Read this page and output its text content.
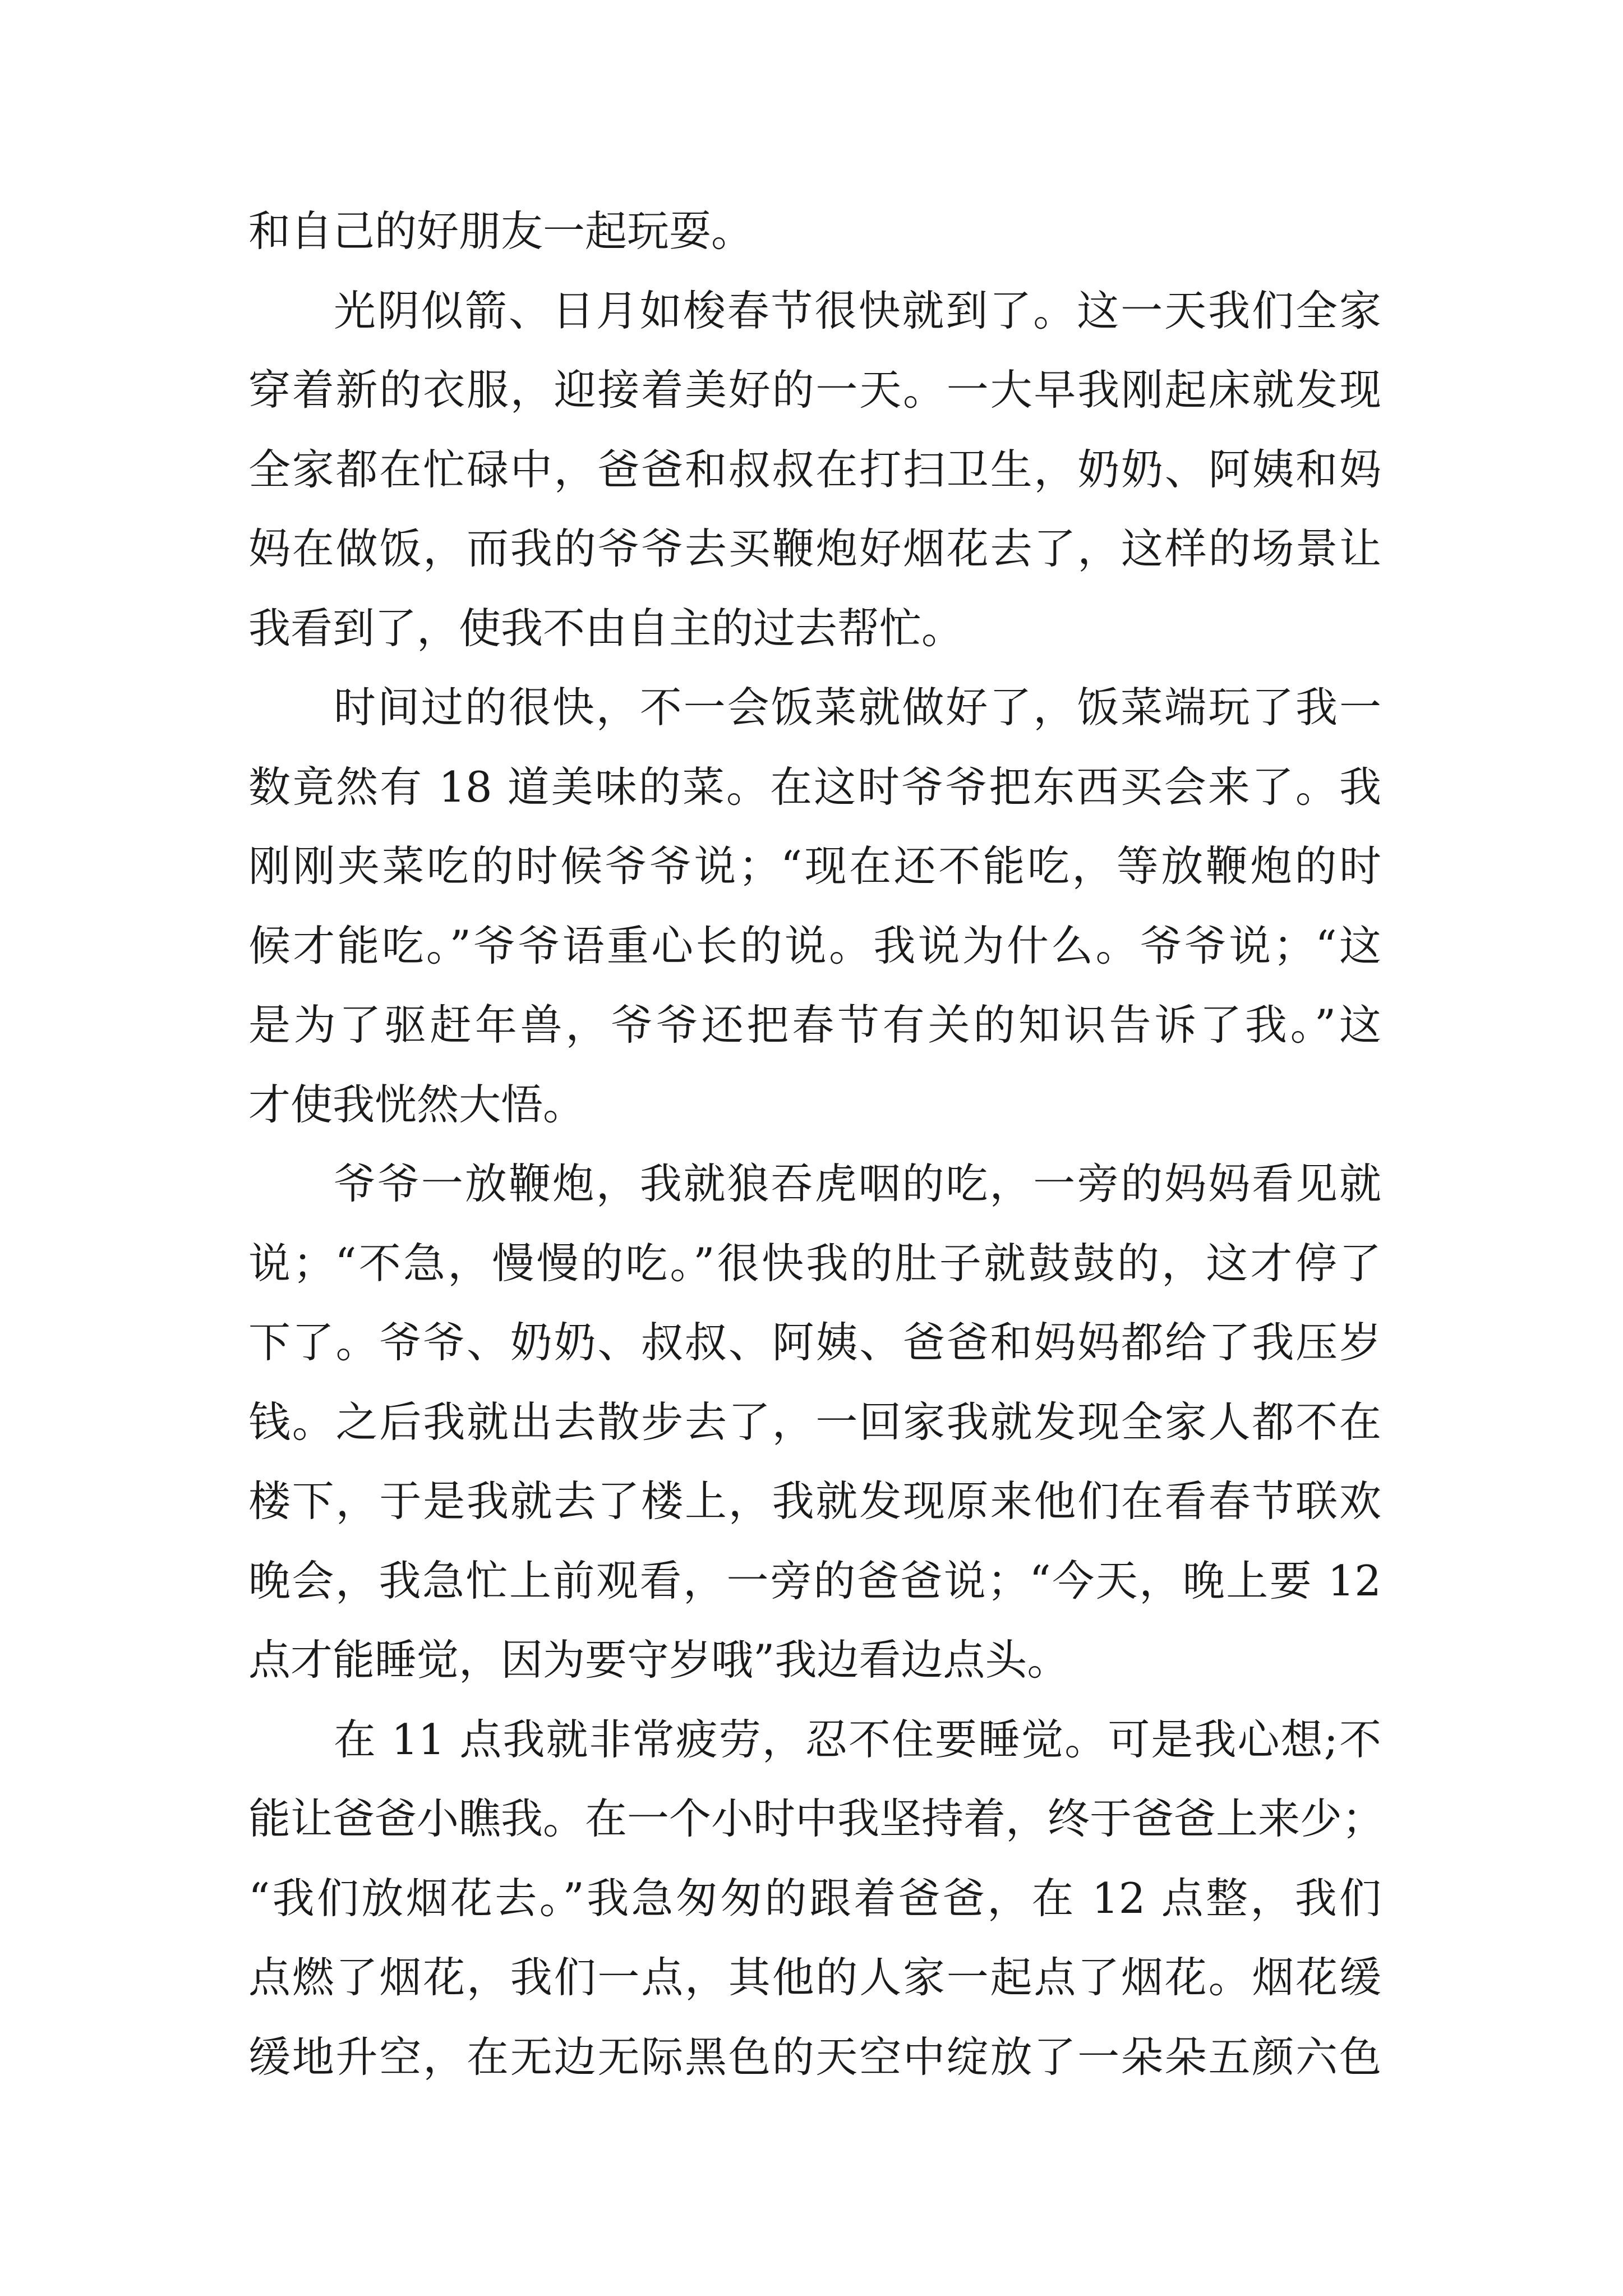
和自己的好朋友一起玩耍。
光阴似箭、日月如梭春节很快就到了。这一天我们全家
穿着新的衣服，迎接着美好的一天。一大早我刚起床就发现
全家都在忙碌中，爸爸和叔叔在打扫卫生，奶奶、阿姨和妈
妈在做饭，而我的爷爷去买鞭炮好烟花去了，这样的场景让
我看到了，使我不由自主的过去帮忙。
时间过的很快，不一会饭菜就做好了，饭菜端玩了我一
数竟然有 18 道美味的菜。在这时爷爷把东西买会来了。我
刚刚夹菜吃的时候爷爷说；“现在还不能吃，等放鞭炮的时
候才能吃。”爷爷语重心长的说。我说为什么。爷爷说；“这
是为了驱赶年兽，爷爷还把春节有关的知识告诉了我。”这
才使我恍然大悟。
爷爷一放鞭炮，我就狼吞虎咽的吃，一旁的妈妈看见就
说；“不急，慢慢的吃。”很快我的肚子就鼓鼓的，这才停了
下了。爷爷、奶奶、叔叔、阿姨、爸爸和妈妈都给了我压岁
钱。之后我就出去散步去了，一回家我就发现全家人都不在
楼下，于是我就去了楼上，我就发现原来他们在看春节联欢
晚会，我急忙上前观看，一旁的爸爸说；“今天，晚上要 12
点才能睡觉，因为要守岁哦”我边看边点头。
在 11 点我就非常疲劳，忍不住要睡觉。可是我心想;不
能让爸爸小瞧我。在一个小时中我坚持着，终于爸爸上来少；
“我们放烟花去。”我急匆匆的跟着爸爸，在 12 点整，我们
点燃了烟花，我们一点，其他的人家一起点了烟花。烟花缓
缓地升空，在无边无际黑色的天空中绽放了一朵朵五颜六色
